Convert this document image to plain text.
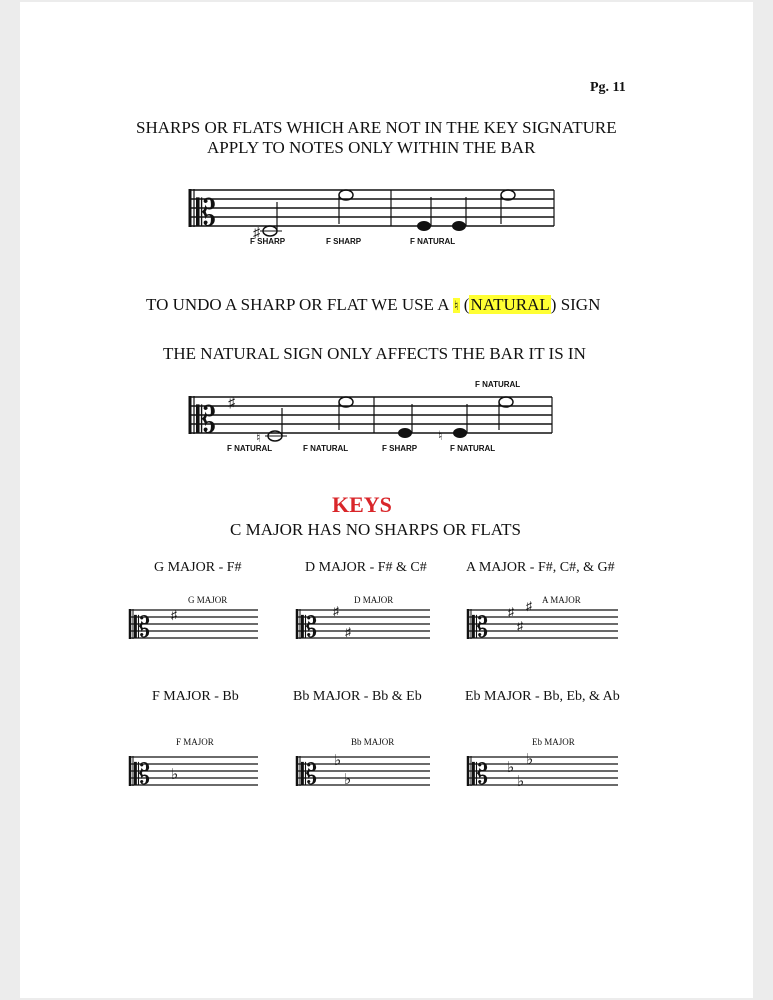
Pg. 11
SHARPS OR FLATS WHICH ARE NOT IN THE KEY SIGNATURE
APPLY TO NOTES ONLY WITHIN THE BAR
𝄡	♯
F SHARP	F SHARP	F NATURAL
TO UNDO A SHARP OR FLAT WE USE A ♮ (NATURAL) SIGN
THE NATURAL SIGN ONLY AFFECTS THE BAR IT IS IN
F NATURAL
𝄡 ♯
♮	♮
F NATURAL	F NATURAL	F SHARP	F NATURAL
KEYS
C MAJOR HAS NO SHARPS OR FLATS
G MAJOR - F#	D MAJOR - F# & C#	A MAJOR - F#, C#, & G#
G MAJOR	D MAJOR	A MAJOR
𝄡 ♯	𝄡
♯
♯	𝄡 ♯
♯
♯
F MAJOR - Bb	Bb MAJOR - Bb & Eb	Eb MAJOR - Bb, Eb, & Ab
F MAJOR	Bb MAJOR	Eb MAJOR
𝄡 ♭	𝄡 ♭
♭	𝄡 ♭
♭
♭
